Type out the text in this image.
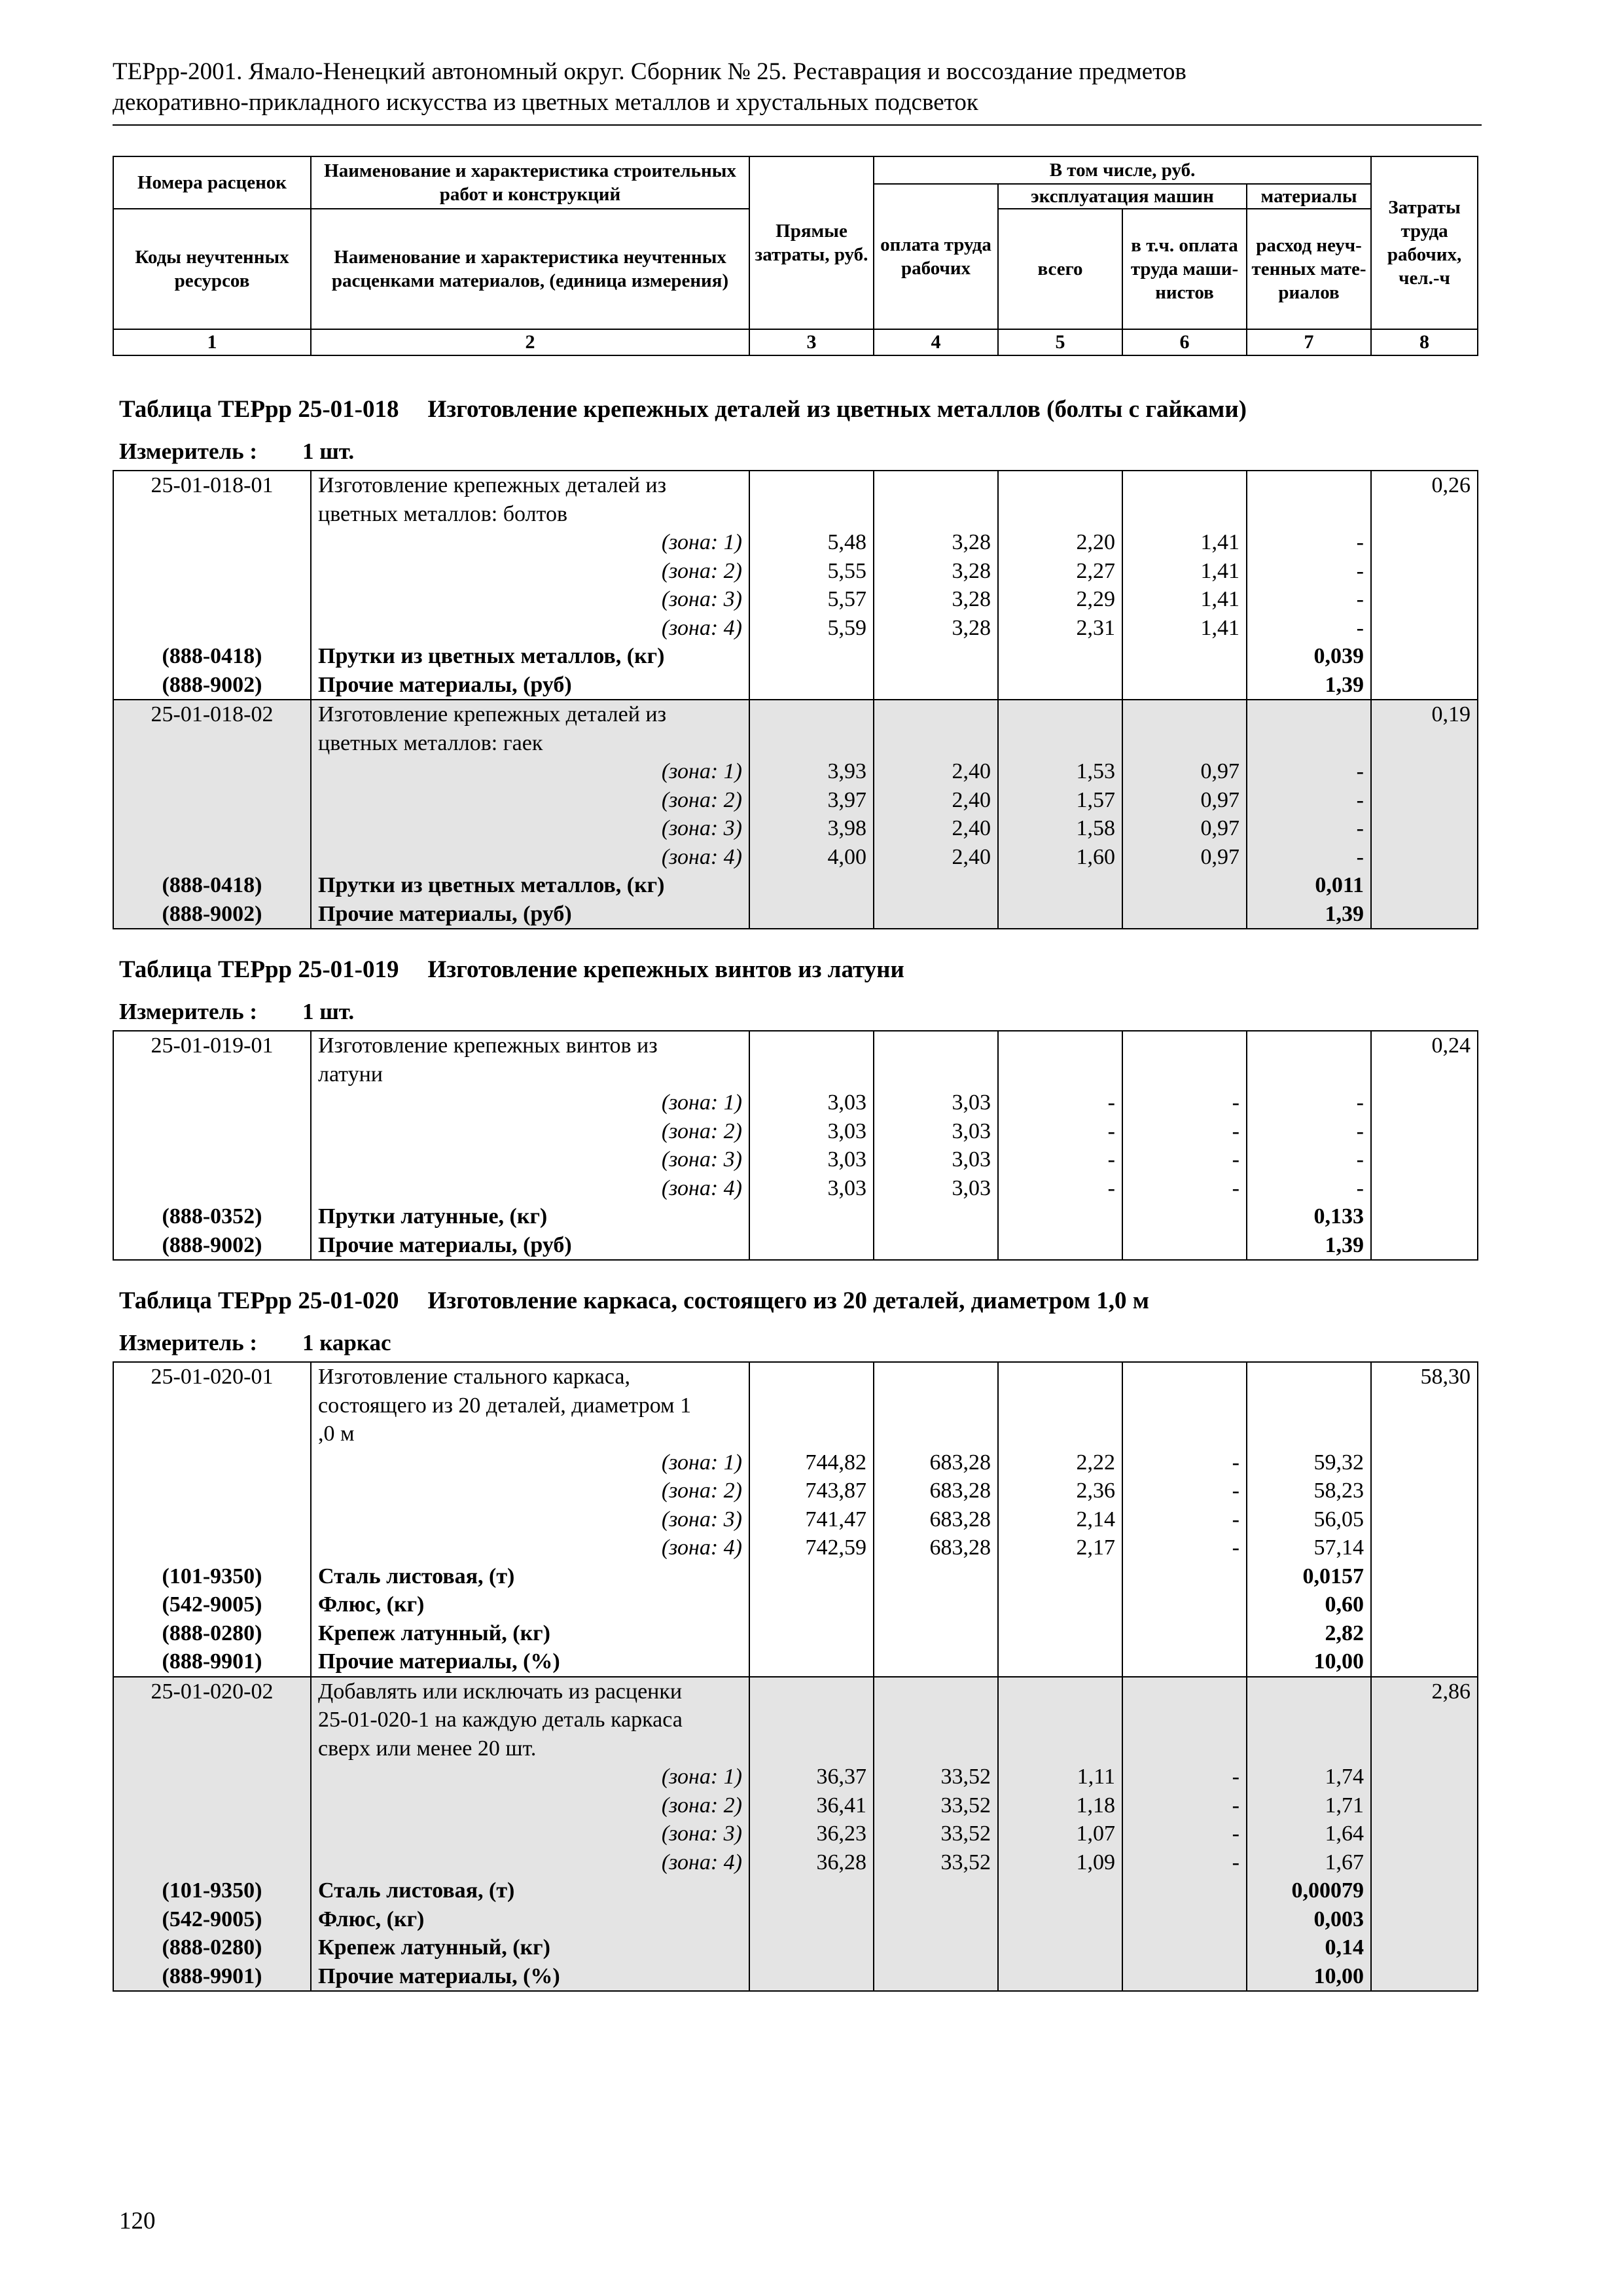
ТЕРрр-2001. Ямало-Ненецкий автономный округ. Сборник № 25. Реставрация и воссоздание предметов
декоративно-прикладного искусства из цветных металлов и хрустальных подсветок
Номера расценок	Наименование и характеристика строительных работ и конструкций	Прямые затраты, руб.	В том числе, руб.				Затраты труда рабочих, чел.-ч
			оплата труда рабочих	эксплуатация машин		материалы	
Коды неучтенных ресурсов	Наименование и характеристика неучтенных расценками материалов, (единица измерения)			всего	в т.ч. оплата труда маши- нистов	расход неуч- тенных мате- риалов	

1	2	3	4	5	6	7	8
Таблица ТЕРрр 25-01-018 Изготовление крепежных деталей из цветных металлов (болты с гайками)
Измеритель : 1 шт.
25-01-018-01	Изготовление крепежных деталей из						0,26
	цветных металлов: болтов						
	(зона: 1)	5,48	3,28	2,20	1,41	-	
	(зона: 2)	5,55	3,28	2,27	1,41	-	
	(зона: 3)	5,57	3,28	2,29	1,41	-	
	(зона: 4)	5,59	3,28	2,31	1,41	-	
(888-0418)	Прутки из цветных металлов, (кг)					0,039	
(888-9002)	Прочие материалы, (руб)					1,39	
25-01-018-02	Изготовление крепежных деталей из						0,19
	цветных металлов: гаек						
	(зона: 1)	3,93	2,40	1,53	0,97	-	
	(зона: 2)	3,97	2,40	1,57	0,97	-	
	(зона: 3)	3,98	2,40	1,58	0,97	-	
	(зона: 4)	4,00	2,40	1,60	0,97	-	
(888-0418)	Прутки из цветных металлов, (кг)					0,011	
(888-9002)	Прочие материалы, (руб)					1,39	
Таблица ТЕРрр 25-01-019 Изготовление крепежных винтов из латуни
Измеритель : 1 шт.
25-01-019-01	Изготовление крепежных винтов из						0,24
	латуни						
	(зона: 1)	3,03	3,03	-	-	-	
	(зона: 2)	3,03	3,03	-	-	-	
	(зона: 3)	3,03	3,03	-	-	-	
	(зона: 4)	3,03	3,03	-	-	-	
(888-0352)	Прутки латунные, (кг)					0,133	
(888-9002)	Прочие материалы, (руб)					1,39	
Таблица ТЕРрр 25-01-020 Изготовление каркаса, состоящего из 20 деталей, диаметром 1,0 м
Измеритель : 1 каркас
25-01-020-01	Изготовление стального каркаса,						58,30
	состоящего из 20 деталей, диаметром 1						
	,0 м						
	(зона: 1)	744,82	683,28	2,22	-	59,32	
	(зона: 2)	743,87	683,28	2,36	-	58,23	
	(зона: 3)	741,47	683,28	2,14	-	56,05	
	(зона: 4)	742,59	683,28	2,17	-	57,14	
(101-9350)	Сталь листовая, (т)					0,0157	
(542-9005)	Флюс, (кг)					0,60	
(888-0280)	Крепеж латунный, (кг)					2,82	
(888-9901)	Прочие материалы, (%)					10,00	
25-01-020-02	Добавлять или исключать из расценки						2,86
	25-01-020-1 на каждую деталь каркаса						
	сверх или менее 20 шт.						
	(зона: 1)	36,37	33,52	1,11	-	1,74	
	(зона: 2)	36,41	33,52	1,18	-	1,71	
	(зона: 3)	36,23	33,52	1,07	-	1,64	
	(зона: 4)	36,28	33,52	1,09	-	1,67	
(101-9350)	Сталь листовая, (т)					0,00079	
(542-9005)	Флюс, (кг)					0,003	
(888-0280)	Крепеж латунный, (кг)					0,14	
(888-9901)	Прочие материалы, (%)					10,00	
120
